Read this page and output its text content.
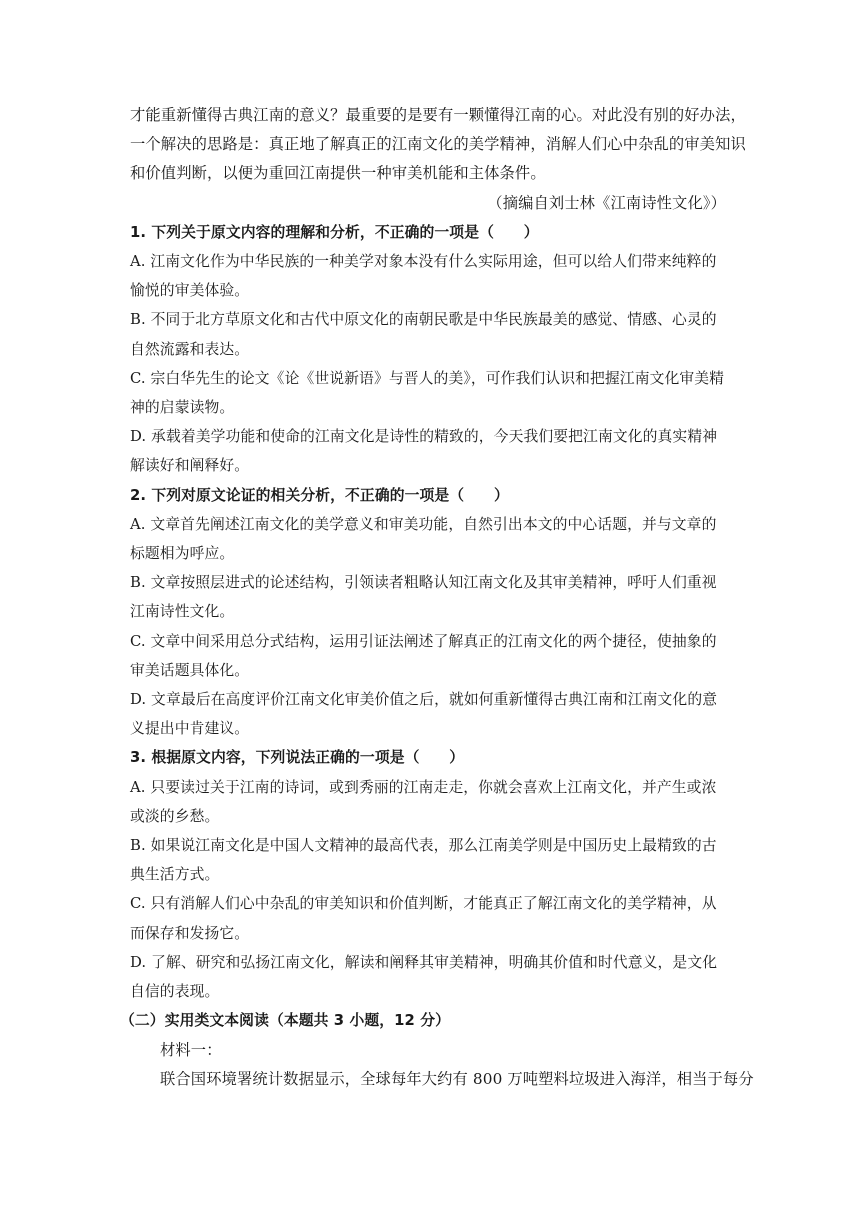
才能重新懂得古典江南的意义？最重要的是要有一颗懂得江南的心。对此没有别的好办法，
一个解决的思路是：真正地了解真正的江南文化的美学精神，消解人们心中杂乱的审美知识
和价值判断，以便为重回江南提供一种审美机能和主体条件。
（摘编自刘士林《江南诗性文化》）
1. 下列关于原文内容的理解和分析，不正确的一项是（　　）
A. 江南文化作为中华民族的一种美学对象本没有什么实际用途，但可以给人们带来纯粹的
愉悦的审美体验。
B. 不同于北方草原文化和古代中原文化的南朝民歌是中华民族最美的感觉、情感、心灵的
自然流露和表达。
C. 宗白华先生的论文《论《世说新语》与晋人的美》，可作我们认识和把握江南文化审美精
神的启蒙读物。
D. 承载着美学功能和使命的江南文化是诗性的精致的，今天我们要把江南文化的真实精神
解读好和阐释好。
2. 下列对原文论证的相关分析，不正确的一项是（　　）
A. 文章首先阐述江南文化的美学意义和审美功能，自然引出本文的中心话题，并与文章的
标题相为呼应。
B. 文章按照层进式的论述结构，引领读者粗略认知江南文化及其审美精神，呼吁人们重视
江南诗性文化。
C. 文章中间采用总分式结构，运用引证法阐述了解真正的江南文化的两个捷径，使抽象的
审美话题具体化。
D. 文章最后在高度评价江南文化审美价值之后，就如何重新懂得古典江南和江南文化的意
义提出中肯建议。
3. 根据原文内容，下列说法正确的一项是（　　）
A. 只要读过关于江南的诗词，或到秀丽的江南走走，你就会喜欢上江南文化，并产生或浓
或淡的乡愁。
B. 如果说江南文化是中国人文精神的最高代表，那么江南美学则是中国历史上最精致的古
典生活方式。
C. 只有消解人们心中杂乱的审美知识和价值判断，才能真正了解江南文化的美学精神，从
而保存和发扬它。
D. 了解、研究和弘扬江南文化，解读和阐释其审美精神，明确其价值和时代意义，是文化
自信的表现。
（二）实用类文本阅读（本题共 3 小题，12 分）
材料一：
联合国环境署统计数据显示，全球每年大约有 800 万吨塑料垃圾进入海洋，相当于每分
